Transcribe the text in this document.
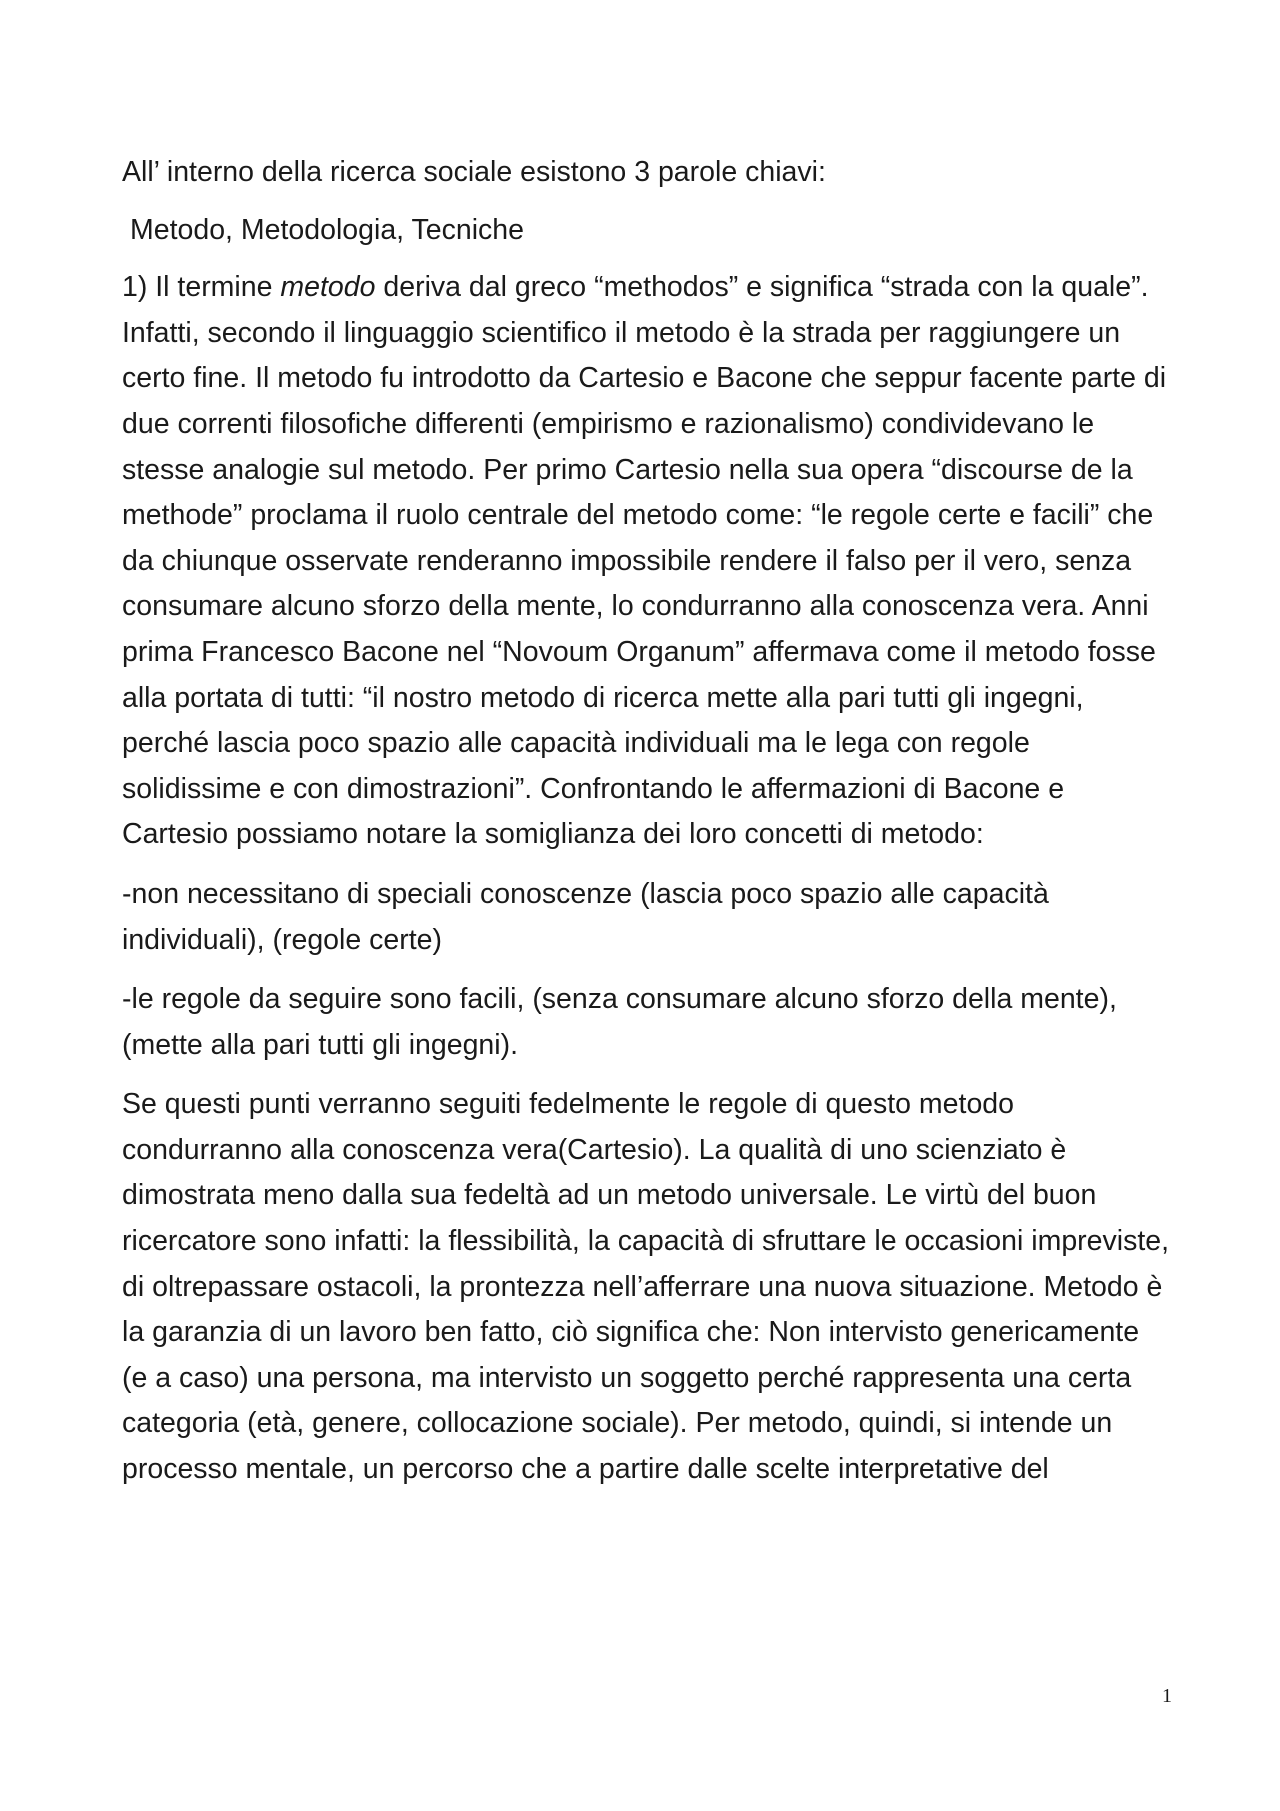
All’ interno della ricerca sociale esistono 3 parole chiavi:

Metodo, Metodologia, Tecniche

1) Il termine metodo deriva dal greco “methodos” e significa “strada con la quale”. Infatti, secondo il linguaggio scientifico il metodo è la strada per raggiungere un certo fine. Il metodo fu introdotto da Cartesio e Bacone che seppur facente parte di due correnti filosofiche differenti (empirismo e razionalismo) condividevano le stesse analogie sul metodo. Per primo Cartesio nella sua opera “discourse de la methode” proclama il ruolo centrale del metodo come: “le regole certe e facili” che da chiunque osservate renderanno impossibile rendere il falso per il vero, senza consumare alcuno sforzo della mente, lo condurranno alla conoscenza vera. Anni prima Francesco Bacone nel “Novoum Organum” affermava come il metodo fosse alla portata di tutti: “il nostro metodo di ricerca mette alla pari tutti gli ingegni, perché lascia poco spazio alle capacità individuali ma le lega con regole solidissime e con dimostrazioni”. Confrontando le affermazioni di Bacone e Cartesio possiamo notare la somiglianza dei loro concetti di metodo:

-non necessitano di speciali conoscenze (lascia poco spazio alle capacità individuali), (regole certe)

-le regole da seguire sono facili, (senza consumare alcuno sforzo della mente), (mette alla pari tutti gli ingegni).

Se questi punti verranno seguiti fedelmente le regole di questo metodo condurranno alla conoscenza vera(Cartesio). La qualità di uno scienziato è dimostrata meno dalla sua fedeltà ad un metodo universale. Le virtù del buon ricercatore sono infatti: la flessibilità, la capacità di sfruttare le occasioni impreviste, di oltrepassare ostacoli, la prontezza nell’afferrare una nuova situazione. Metodo è la garanzia di un lavoro ben fatto, ciò significa che: Non intervisto genericamente (e a caso) una persona, ma intervisto un soggetto perché rappresenta una certa categoria (età, genere, collocazione sociale). Per metodo, quindi, si intende un processo mentale, un percorso che a partire dalle scelte interpretative del

1
